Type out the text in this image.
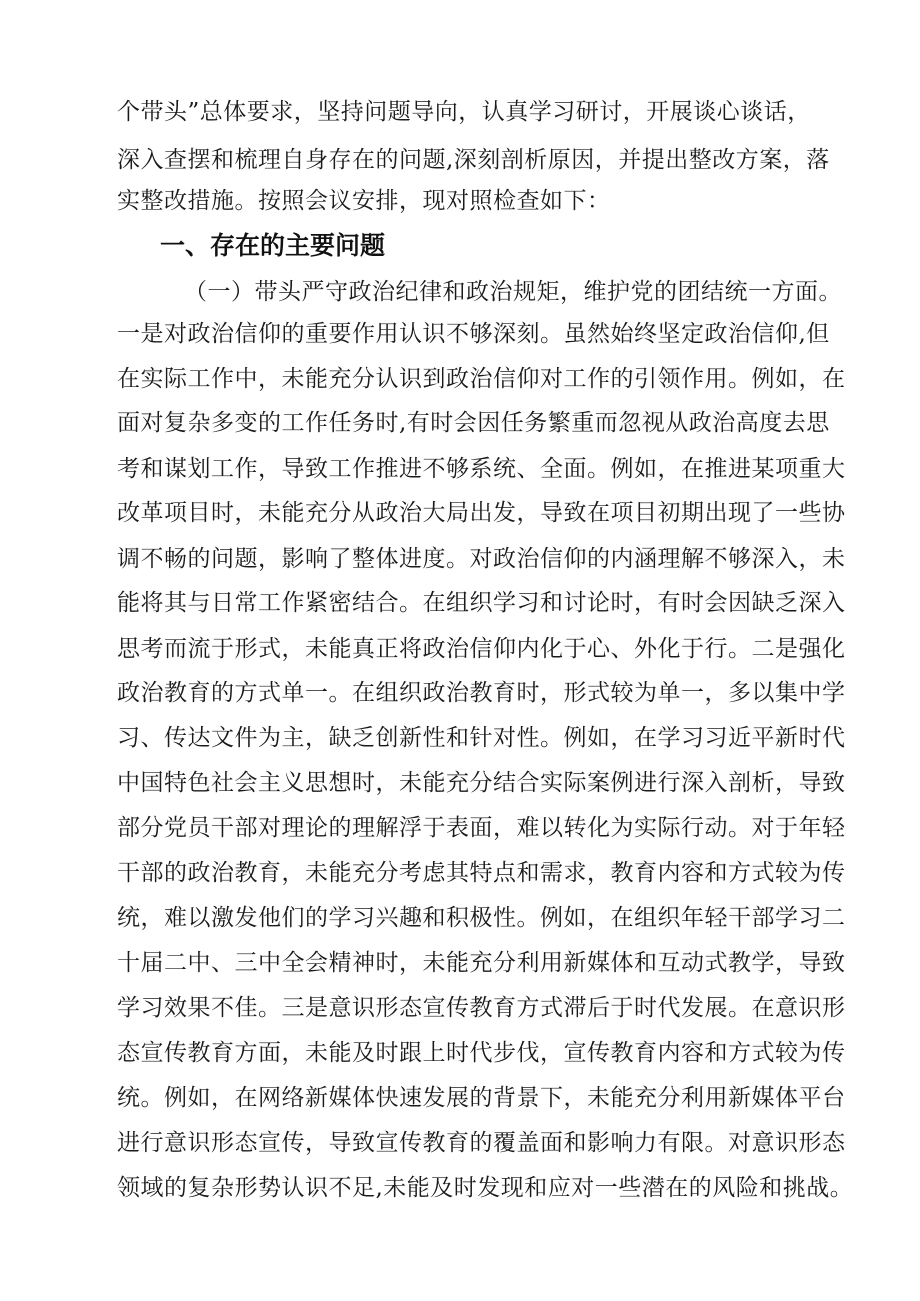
个带头”总体要求，坚持问题导向，认真学习研讨，开展谈心谈话，
深入查摆和梳理自身存在的问题,深刻剖析原因，并提出整改方案，落
实整改措施。按照会议安排，现对照检查如下：
一、存在的主要问题
（一）带头严守政治纪律和政治规矩，维护党的团结统一方面。
一是对政治信仰的重要作用认识不够深刻。虽然始终坚定政治信仰,但
在实际工作中，未能充分认识到政治信仰对工作的引领作用。例如，在
面对复杂多变的工作任务时,有时会因任务繁重而忽视从政治高度去思
考和谋划工作，导致工作推进不够系统、全面。例如，在推进某项重大
改革项目时，未能充分从政治大局出发，导致在项目初期出现了一些协
调不畅的问题，影响了整体进度。对政治信仰的内涵理解不够深入，未
能将其与日常工作紧密结合。在组织学习和讨论时，有时会因缺乏深入
思考而流于形式，未能真正将政治信仰内化于心、外化于行。二是强化
政治教育的方式单一。在组织政治教育时，形式较为单一，多以集中学
习、传达文件为主，缺乏创新性和针对性。例如，在学习习近平新时代
中国特色社会主义思想时，未能充分结合实际案例进行深入剖析，导致
部分党员干部对理论的理解浮于表面，难以转化为实际行动。对于年轻
干部的政治教育，未能充分考虑其特点和需求，教育内容和方式较为传
统，难以激发他们的学习兴趣和积极性。例如，在组织年轻干部学习二
十届二中、三中全会精神时，未能充分利用新媒体和互动式教学，导致
学习效果不佳。三是意识形态宣传教育方式滞后于时代发展。在意识形
态宣传教育方面，未能及时跟上时代步伐，宣传教育内容和方式较为传
统。例如，在网络新媒体快速发展的背景下，未能充分利用新媒体平台
进行意识形态宣传，导致宣传教育的覆盖面和影响力有限。对意识形态
领域的复杂形势认识不足,未能及时发现和应对一些潜在的风险和挑战。
